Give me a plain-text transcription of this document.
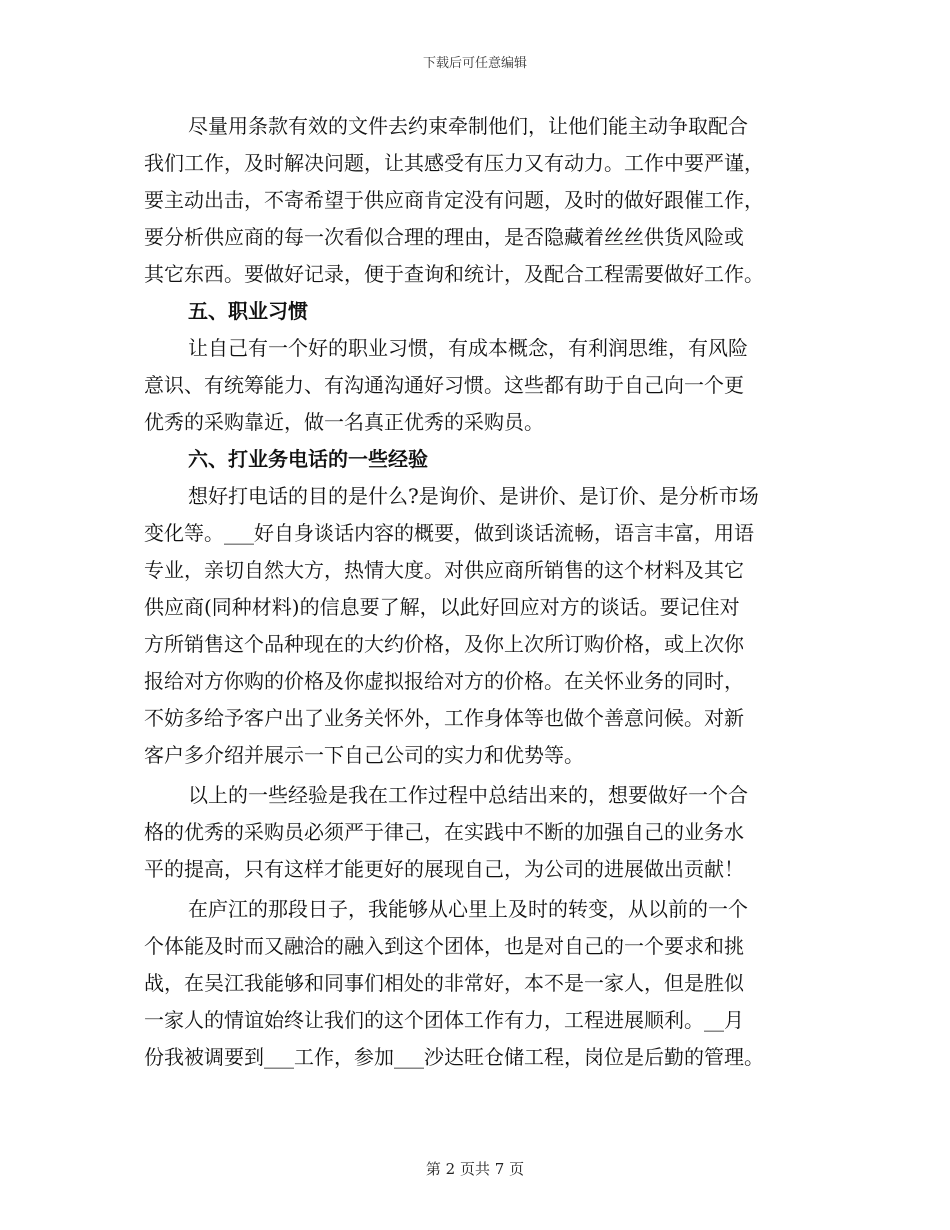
下载后可任意编辑
尽量用条款有效的文件去约束牵制他们，让他们能主动争取配合
我们工作，及时解决问题，让其感受有压力又有动力。工作中要严谨，
要主动出击，不寄希望于供应商肯定没有问题，及时的做好跟催工作，
要分析供应商的每一次看似合理的理由，是否隐藏着丝丝供货风险或
其它东西。要做好记录，便于查询和统计，及配合工程需要做好工作。
五、职业习惯
让自己有一个好的职业习惯，有成本概念，有利润思维，有风险
意识、有统筹能力、有沟通沟通好习惯。这些都有助于自己向一个更
优秀的采购靠近，做一名真正优秀的采购员。
六、打业务电话的一些经验
想好打电话的目的是什么?是询价、是讲价、是订价、是分析市场
变化等。___好自身谈话内容的概要，做到谈话流畅，语言丰富，用语
专业，亲切自然大方，热情大度。对供应商所销售的这个材料及其它
供应商(同种材料)的信息要了解，以此好回应对方的谈话。要记住对
方所销售这个品种现在的大约价格，及你上次所订购价格，或上次你
报给对方你购的价格及你虚拟报给对方的价格。在关怀业务的同时，
不妨多给予客户出了业务关怀外，工作身体等也做个善意问候。对新
客户多介绍并展示一下自己公司的实力和优势等。
以上的一些经验是我在工作过程中总结出来的，想要做好一个合
格的优秀的采购员必须严于律己，在实践中不断的加强自己的业务水
平的提高，只有这样才能更好的展现自己，为公司的进展做出贡献！
在庐江的那段日子，我能够从心里上及时的转变，从以前的一个
个体能及时而又融洽的融入到这个团体，也是对自己的一个要求和挑
战，在吴江我能够和同事们相处的非常好，本不是一家人，但是胜似
一家人的情谊始终让我们的这个团体工作有力，工程进展顺利。__月
份我被调要到___工作，参加___沙达旺仓储工程，岗位是后勤的管理。
第 2 页共 7 页
